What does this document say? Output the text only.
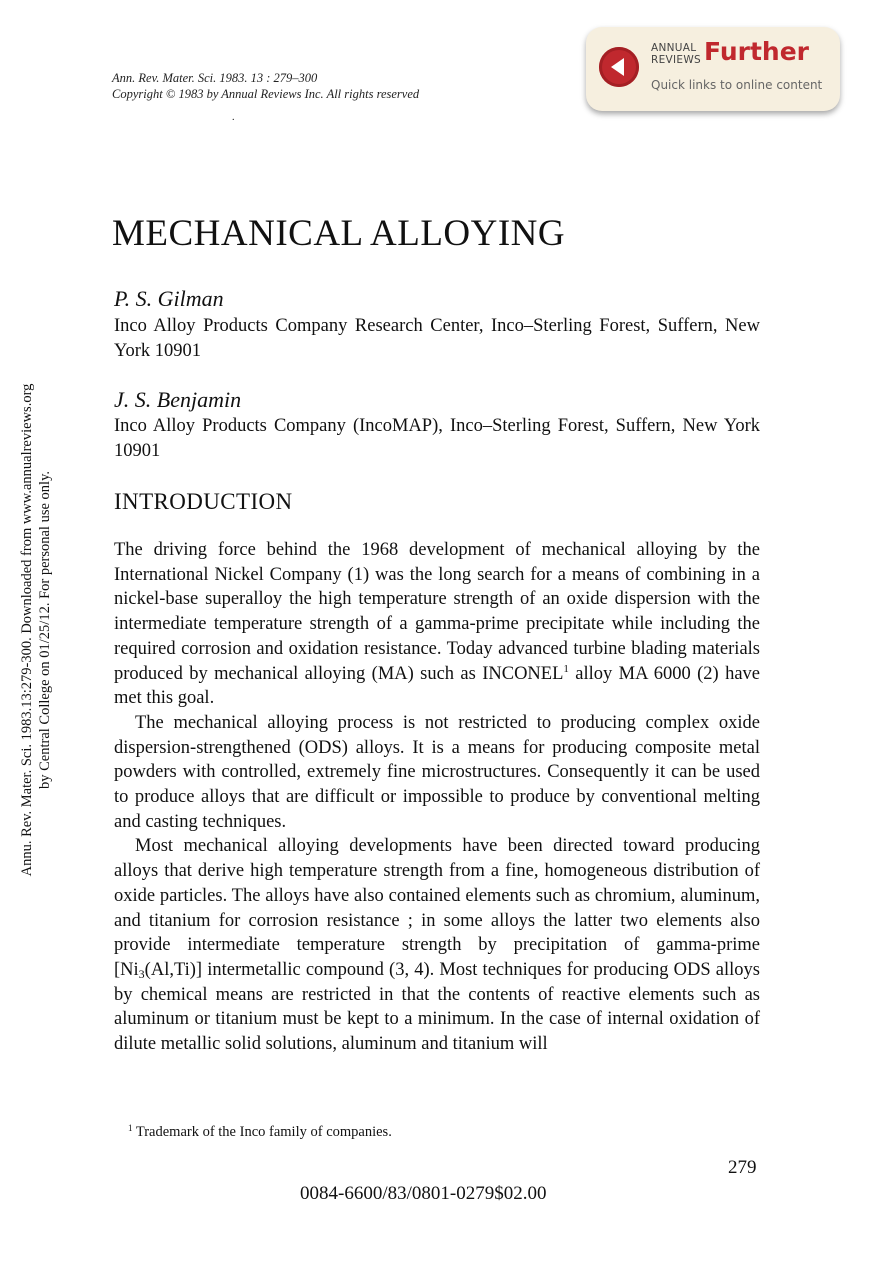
Ann. Rev. Mater. Sci. 1983. 13 : 279–300
Copyright © 1983 by Annual Reviews Inc. All rights reserved
.
ANNUAL
REVIEWS Further
Quick links to online content
Annu. Rev. Mater. Sci. 1983.13:279-300. Downloaded from www.annualreviews.org by Central College on 01/25/12. For personal use only.
MECHANICAL ALLOYING
P. S. Gilman
Inco Alloy Products Company Research Center, Inco–Sterling Forest, Suffern, New York 10901
J. S. Benjamin
Inco Alloy Products Company (IncoMAP), Inco–Sterling Forest, Suffern, New York 10901
INTRODUCTION

The driving force behind the 1968 development of mechanical alloying by the International Nickel Company (1) was the long search for a means of combining in a nickel-base superalloy the high temperature strength of an oxide dispersion with the intermediate temperature strength of a gamma-prime precipitate while including the required corrosion and oxidation resistance. Today advanced turbine blading materials produced by mechanical alloying (MA) such as INCONEL$^1$ alloy MA 6000 (2) have met this goal.

The mechanical alloying process is not restricted to producing complex oxide dispersion-strengthened (ODS) alloys. It is a means for producing composite metal powders with controlled, extremely fine microstructures. Consequently it can be used to produce alloys that are difficult or impossible to produce by conventional melting and casting techniques.

Most mechanical alloying developments have been directed toward producing alloys that derive high temperature strength from a fine, homogeneous distribution of oxide particles. The alloys have also contained elements such as chromium, aluminum, and titanium for corrosion resistance ; in some alloys the latter two elements also provide intermediate temperature strength by precipitation of gamma-prime $[Ni_3(Al,Ti)]$ intermetallic compound (3, 4). Most techniques for producing ODS alloys by chemical means are restricted in that the contents of reactive elements such as aluminum or titanium must be kept to a minimum. In the case of internal oxidation of dilute metallic solid solutions, aluminum and titanium will

$^1$ Trademark of the Inco family of companies.
279
0084-6600/83/0801-0279$02.00
